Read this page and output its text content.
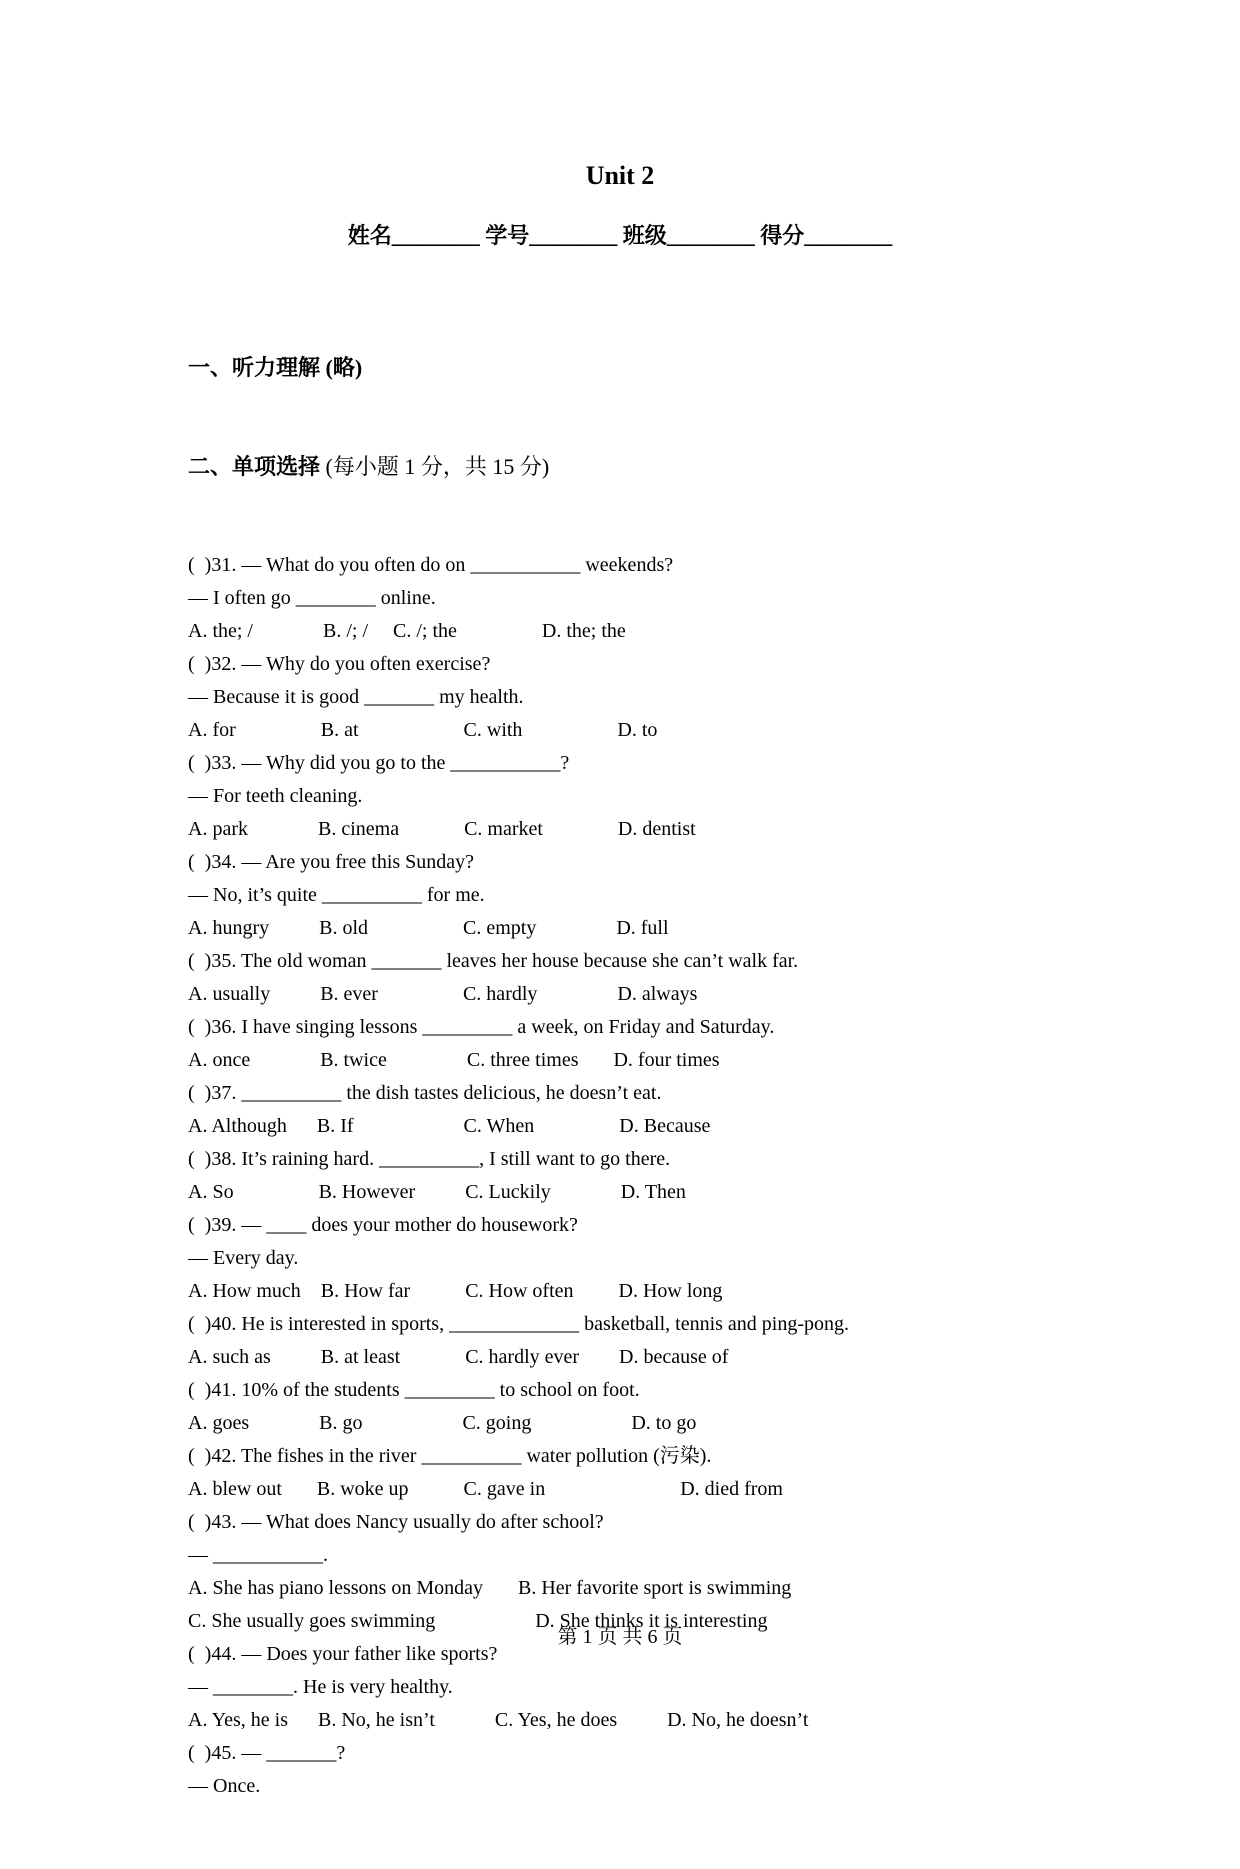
Unit 2
姓名________ 学号________ 班级________ 得分________

一、听力理解 (略)

二、单项选择 (每小题 1 分，共 15 分)

(  )31. — What do you often do on ___________ weekends?
— I often go ________ online.
A. the; /              B. /; /     C. /; the                 D. the; the
(  )32. — Why do you often exercise?
— Because it is good _______ my health.
A. for                 B. at                     C. with                   D. to
(  )33. — Why did you go to the ___________?
— For teeth cleaning.
A. park              B. cinema             C. market               D. dentist
(  )34. — Are you free this Sunday?
— No, it’s quite __________ for me.
A. hungry          B. old                   C. empty                D. full
(  )35. The old woman _______ leaves her house because she can’t walk far.
A. usually          B. ever                 C. hardly                D. always
(  )36. I have singing lessons _________ a week, on Friday and Saturday.
A. once              B. twice                C. three times       D. four times
(  )37. __________ the dish tastes delicious, he doesn’t eat.
A. Although      B. If                      C. When                 D. Because
(  )38. It’s raining hard. __________, I still want to go there.
A. So                 B. However          C. Luckily              D. Then
(  )39. — ____ does your mother do housework?
— Every day.
A. How much    B. How far           C. How often         D. How long
(  )40. He is interested in sports, _____________ basketball, tennis and ping-pong.
A. such as          B. at least             C. hardly ever        D. because of
(  )41. 10% of the students _________ to school on foot.
A. goes              B. go                    C. going                    D. to go
(  )42. The fishes in the river __________ water pollution (污染).
A. blew out       B. woke up           C. gave in                           D. died from
(  )43. — What does Nancy usually do after school?
— ___________.
A. She has piano lessons on Monday       B. Her favorite sport is swimming
C. She usually goes swimming                    D. She thinks it is interesting
(  )44. — Does your father like sports?
— ________. He is very healthy.
A. Yes, he is      B. No, he isn’t            C. Yes, he does          D. No, he doesn’t
(  )45. — _______?
— Once.

第 1 页 共 6 页
